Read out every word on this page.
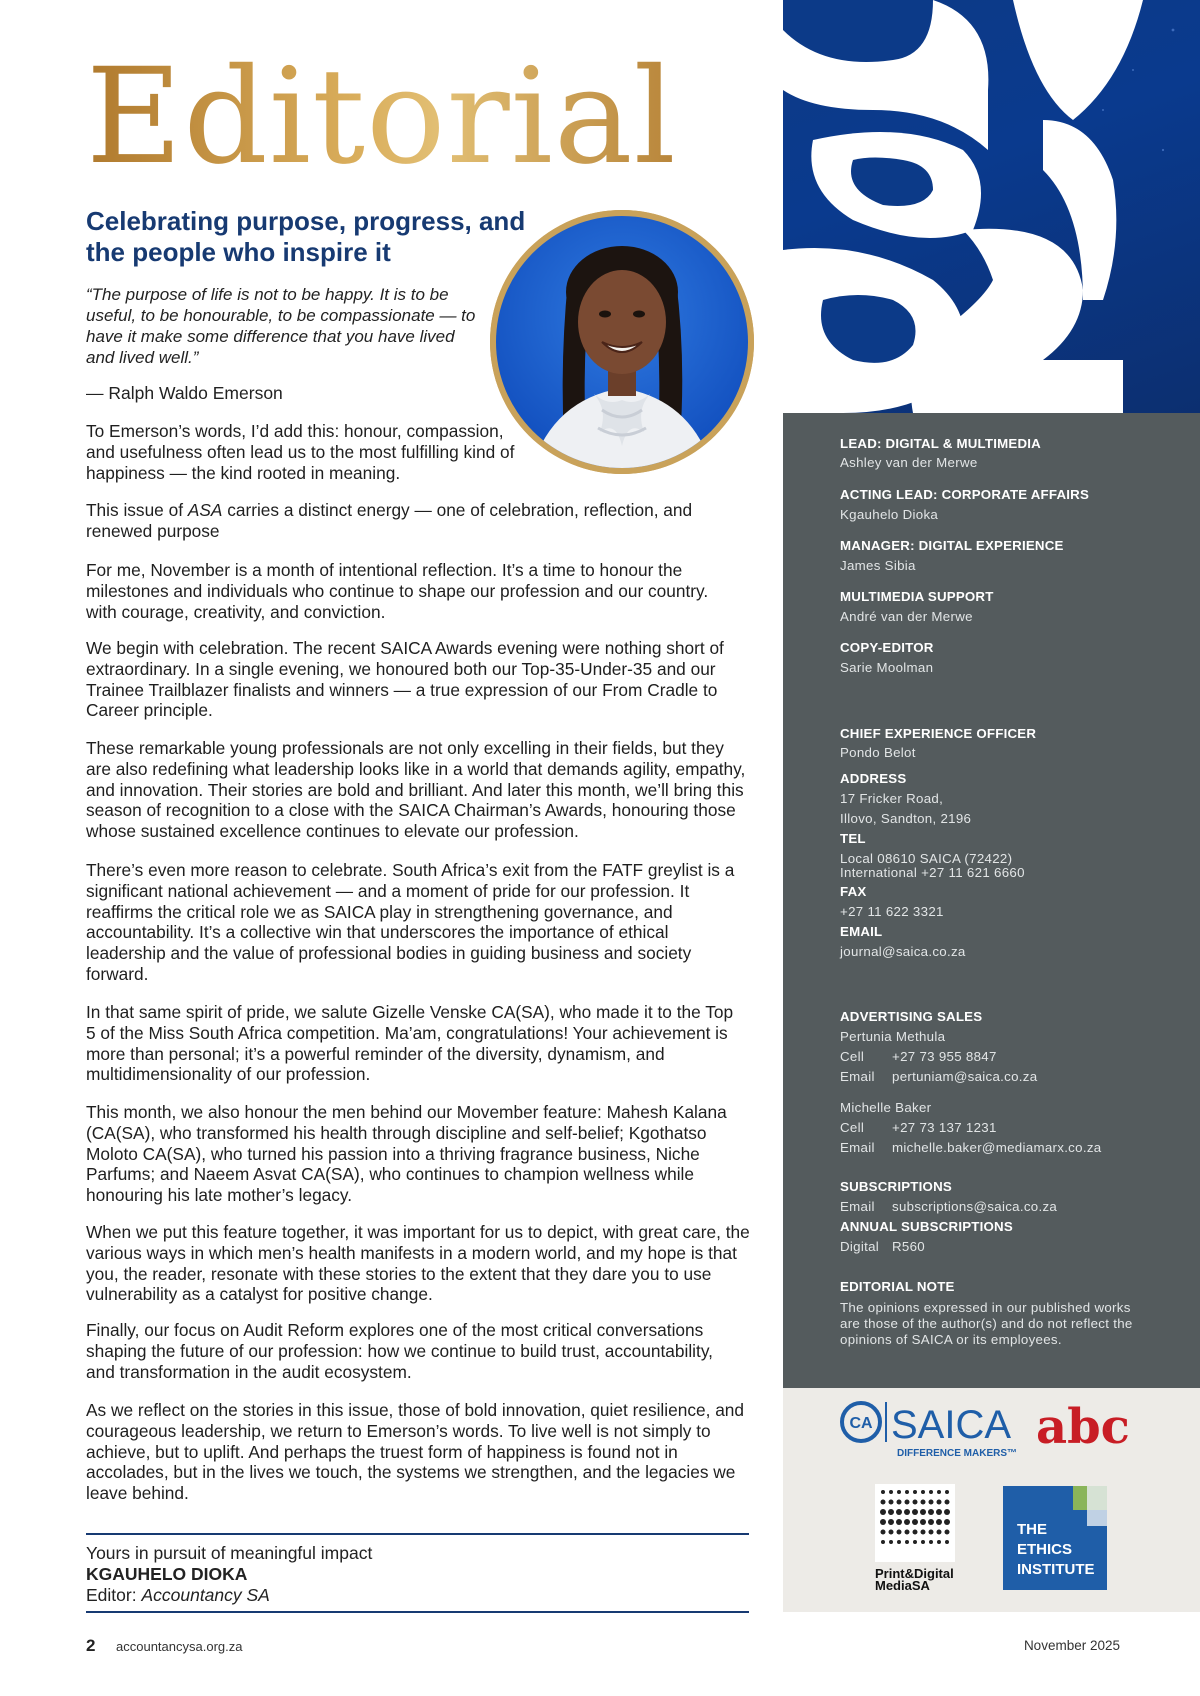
Editorial
Celebrating purpose, progress, and the people who inspire it

“The purpose of life is not to be happy. It is to be useful, to be honourable, to be compassionate — to have it make some difference that you have lived and lived well.”

— Ralph Waldo Emerson

To Emerson’s words, I’d add this: honour, compassion, and usefulness often lead us to the most fulfilling kind of happiness — the kind rooted in meaning.

This issue of ASA carries a distinct energy — one of celebration, reflection, and
renewed purpose

For me, November is a month of intentional reflection. It’s a time to honour the milestones and individuals who continue to shape our profession and our country. with courage, creativity, and conviction.

We begin with celebration. The recent SAICA Awards evening were nothing short of extraordinary. In a single evening, we honoured both our Top-35-Under-35 and our Trainee Trailblazer finalists and winners — a true expression of our From Cradle to Career principle.

These remarkable young professionals are not only excelling in their fields, but they are also redefining what leadership looks like in a world that demands agility, empathy, and innovation. Their stories are bold and brilliant. And later this month, we’ll bring this season of recognition to a close with the SAICA Chairman’s Awards, honouring those whose sustained excellence continues to elevate our profession.

There’s even more reason to celebrate. South Africa’s exit from the FATF greylist is a significant national achievement — and a moment of pride for our profession. It reaffirms the critical role we as SAICA play in strengthening governance, and accountability. It’s a collective win that underscores the importance of ethical leadership and the value of professional bodies in guiding business and society forward.

In that same spirit of pride, we salute Gizelle Venske CA(SA), who made it to the Top 5 of the Miss South Africa competition. Ma’am, congratulations! Your achievement is more than personal; it’s a powerful reminder of the diversity, dynamism, and multidimensionality of our profession.

This month, we also honour the men behind our Movember feature: Mahesh Kalana (CA(SA), who transformed his health through discipline and self-belief; Kgothatso Moloto CA(SA), who turned his passion into a thriving fragrance business, Niche Parfums; and Naeem Asvat CA(SA), who continues to champion wellness while honouring his late mother’s legacy.

When we put this feature together, it was important for us to depict, with great care, the various ways in which men’s health manifests in a modern world, and my hope is that you, the reader, resonate with these stories to the extent that they dare you to use vulnerability as a catalyst for positive change.

Finally, our focus on Audit Reform explores one of the most critical conversations shaping the future of our profession: how we continue to build trust, accountability, and transformation in the audit ecosystem.

As we reflect on the stories in this issue, those of bold innovation, quiet resilience, and courageous leadership, we return to Emerson’s words. To live well is not simply to achieve, but to uplift. And perhaps the truest form of happiness is found not in accolades, but in the lives we touch, the systems we strengthen, and the legacies we leave behind.

Yours in pursuit of meaningful impact
KGAUHELO DIOKA
Editor: Accountancy SA
2 accountancysa.org.za	November 2025
LEAD: DIGITAL & MULTIMEDIA
Ashley van der Merwe
ACTING LEAD: CORPORATE AFFAIRS
Kgauhelo Dioka
MANAGER: DIGITAL EXPERIENCE
James Sibia
MULTIMEDIA SUPPORT
André van der Merwe
COPY-EDITOR
Sarie Moolman
CHIEF EXPERIENCE OFFICER
Pondo Belot
ADDRESS
17 Fricker Road,
Illovo, Sandton, 2196
TEL
Local 08610 SAICA (72422)
International +27 11 621 6660
FAX
+27 11 622 3321
EMAIL
journal@saica.co.za
ADVERTISING SALES
Pertunia Methula
Cell +27 73 955 8847
Email pertuniam@saica.co.za
Michelle Baker
Cell +27 73 137 1231
Email michelle.baker@mediamarx.co.za
SUBSCRIPTIONS
Email subscriptions@saica.co.za
ANNUAL SUBSCRIPTIONS
Digital R560
EDITORIAL NOTE
The opinions expressed in our published works
are those of the author(s) and do not reflect the
opinions of SAICA or its employees.
CA SAICA
DIFFERENCE MAKERS™ abc
Print&Digital
MediaSA
THE
ETHICS
INSTITUTE
